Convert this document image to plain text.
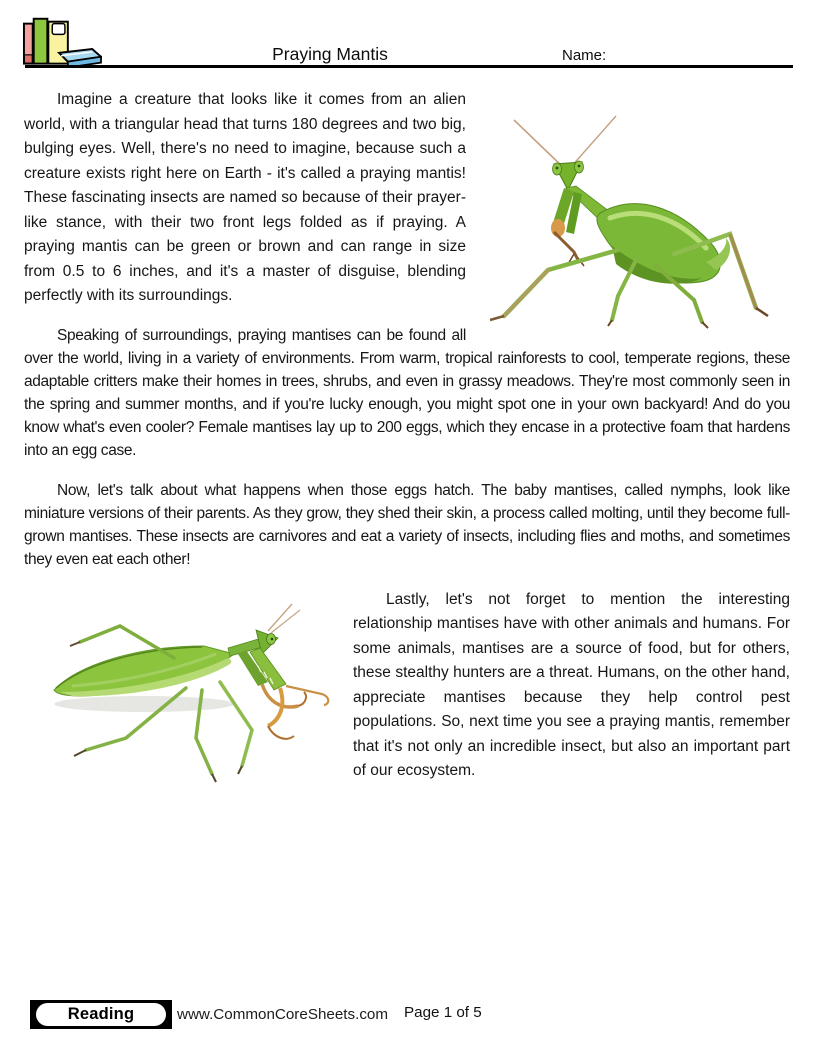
Praying Mantis	Name:

Imagine a creature that looks like it comes from an alien world, with a triangular head that turns 180 degrees and two big, bulging eyes. Well, there's no need to imagine, because such a creature exists right here on Earth - it's called a praying mantis! These fascinating insects are named so because of their prayer-like stance, with their two front legs folded as if praying. A praying mantis can be green or brown and can range in size from 0.5 to 6 inches, and it's a master of disguise, blending perfectly with its surroundings.

Speaking of surroundings, praying mantises can be found all over the world, living in a variety of environments. From warm, tropical rainforests to cool, temperate regions, these adaptable critters make their homes in trees, shrubs, and even in grassy meadows. They're most commonly seen in the spring and summer months, and if you're lucky enough, you might spot one in your own backyard! And do you know what's even cooler? Female mantises lay up to 200 eggs, which they encase in a protective foam that hardens into an egg case.

Now, let's talk about what happens when those eggs hatch. The baby mantises, called nymphs, look like miniature versions of their parents. As they grow, they shed their skin, a process called molting, until they become full-grown mantises. These insects are carnivores and eat a variety of insects, including flies and moths, and sometimes they even eat each other!

Lastly, let's not forget to mention the interesting relationship mantises have with other animals and humans. For some animals, mantises are a source of food, but for others, these stealthy hunters are a threat. Humans, on the other hand, appreciate mantises because they help control pest populations. So, next time you see a praying mantis, remember that it's not only an incredible insect, but also an important part of our ecosystem.

Reading	www.CommonCoreSheets.com Page 1 of 5
